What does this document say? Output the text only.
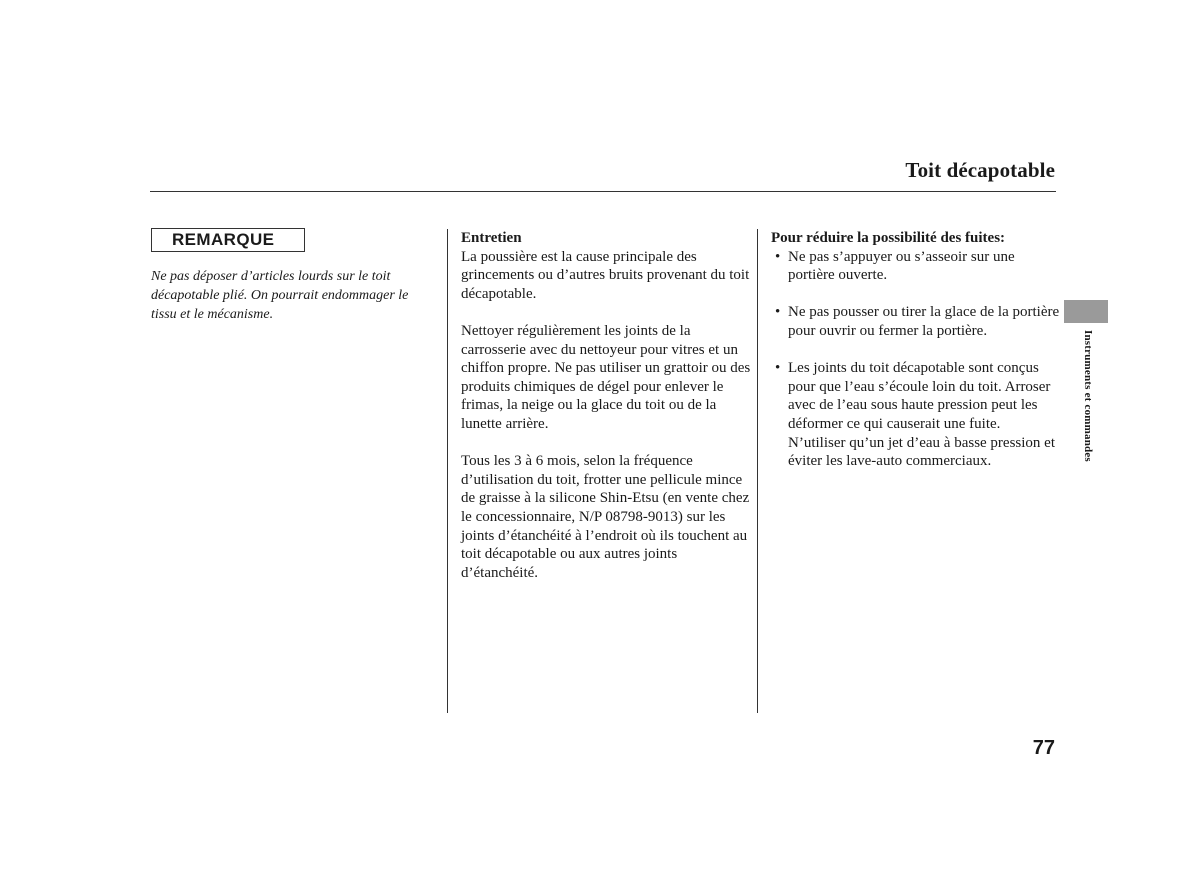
Toit décapotable
REMARQUE

Ne pas déposer d’articles lourds sur le toit décapotable plié. On pourrait endommager le tissu et le mécanisme.

Entretien

La poussière est la cause principale des grincements ou d’autres bruits provenant du toit décapotable.

Nettoyer régulièrement les joints de la carrosserie avec du nettoyeur pour vitres et un chiffon propre. Ne pas utiliser un grattoir ou des produits chimiques de dégel pour enlever le frimas, la neige ou la glace du toit ou de la lunette arrière.

Tous les 3 à 6 mois, selon la fréquence d’utilisation du toit, frotter une pellicule mince de graisse à la silicone Shin-Etsu (en vente chez le concessionnaire, N/P 08798-9013) sur les joints d’étanchéité à l’endroit où ils touchent au toit décapotable ou aux autres joints d’étanchéité.

Pour réduire la possibilité des fuites:
• Ne pas s’appuyer ou s’asseoir sur une portière ouverte.
• Ne pas pousser ou tirer la glace de la portière pour ouvrir ou fermer la portière.
• Les joints du toit décapotable sont conçus pour que l’eau s’écoule loin du toit. Arroser avec de l’eau sous haute pression peut les déformer ce qui causerait une fuite. N’utiliser qu’un jet d’eau à basse pression et éviter les lave-auto commerciaux.	Instruments et commandes
77
